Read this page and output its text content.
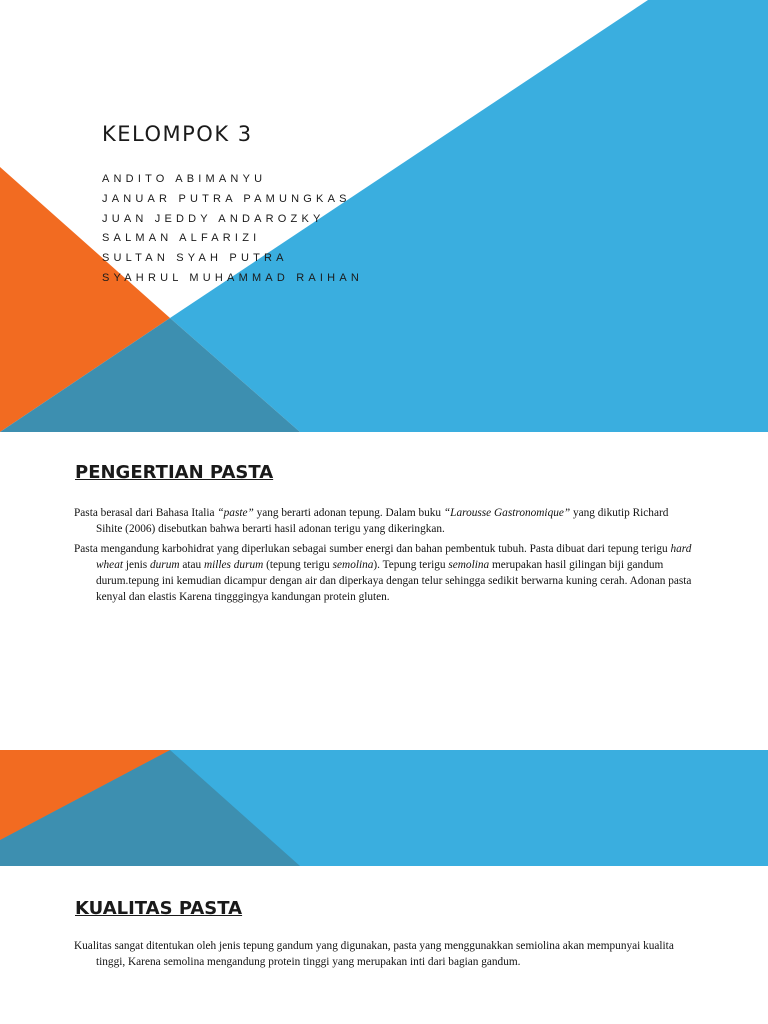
KELOMPOK 3
ANDITO ABIMANYU
JANUAR PUTRA PAMUNGKAS
JUAN JEDDY ANDAROZKY
SALMAN ALFARIZI
SULTAN SYAH PUTRA
SYAHRUL MUHAMMAD RAIHAN
PENGERTIAN PASTA

Pasta berasal dari Bahasa Italia “paste” yang berarti adonan tepung. Dalam buku “Larousse Gastronomique” yang dikutip Richard Sihite (2006) disebutkan bahwa berarti hasil adonan terigu yang dikeringkan.

Pasta mengandung karbohidrat yang diperlukan sebagai sumber energi dan bahan pembentuk tubuh. Pasta dibuat dari tepung terigu hard wheat jenis durum atau milles durum (tepung terigu semolina). Tepung terigu semolina merupakan hasil gilingan biji gandum durum.tepung ini kemudian dicampur dengan air dan diperkaya dengan telur sehingga sedikit berwarna kuning cerah. Adonan pasta kenyal dan elastis Karena tingggingya kandungan protein gluten.

KUALITAS PASTA

Kualitas sangat ditentukan oleh jenis tepung gandum yang digunakan, pasta yang menggunakkan semiolina akan mempunyai kualita tinggi, Karena semolina mengandung protein tinggi yang merupakan inti dari bagian gandum.
